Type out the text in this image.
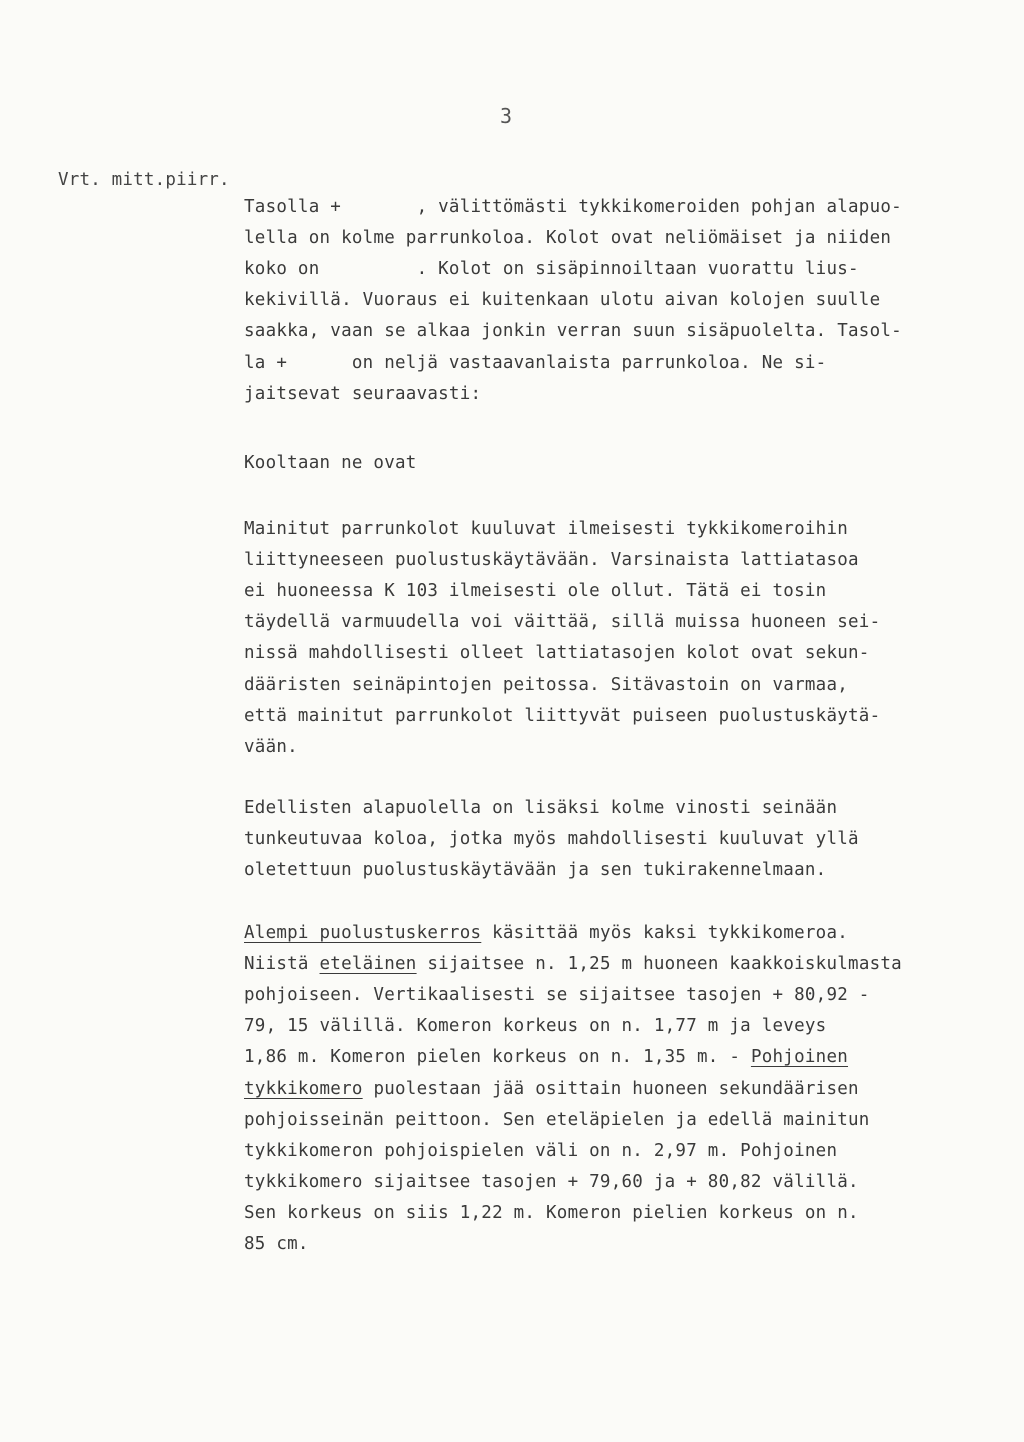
3
Vrt. mitt.piirr.
Tasolla +       , välittömästi tykkikomeroiden pohjan alapuo-
lella on kolme parrunkoloa. Kolot ovat neliömäiset ja niiden
koko on         . Kolot on sisäpinnoiltaan vuorattu lius-
kekivillä. Vuoraus ei kuitenkaan ulotu aivan kolojen suulle
saakka, vaan se alkaa jonkin verran suun sisäpuolelta. Tasol-
la +      on neljä vastaavanlaista parrunkoloa. Ne si-
jaitsevat seuraavasti:
Kooltaan ne ovat
Mainitut parrunkolot kuuluvat ilmeisesti tykkikomeroihin
liittyneeseen puolustuskäytävään. Varsinaista lattiatasoa
ei huoneessa K 103 ilmeisesti ole ollut. Tätä ei tosin
täydellä varmuudella voi väittää, sillä muissa huoneen sei-
nissä mahdollisesti olleet lattiatasojen kolot ovat sekun-
dääristen seinäpintojen peitossa. Sitävastoin on varmaa,
että mainitut parrunkolot liittyvät puiseen puolustuskäytä-
vään.
Edellisten alapuolella on lisäksi kolme vinosti seinään
tunkeutuvaa koloa, jotka myös mahdollisesti kuuluvat yllä
oletettuun puolustuskäytävään ja sen tukirakennelmaan.
Alempi puolustuskerros käsittää myös kaksi tykkikomeroa.
Niistä eteläinen sijaitsee n. 1,25 m huoneen kaakkoiskulmasta
pohjoiseen. Vertikaalisesti se sijaitsee tasojen + 80,92 -
79, 15 välillä. Komeron korkeus on n. 1,77 m ja leveys
1,86 m. Komeron pielen korkeus on n. 1,35 m. - Pohjoinen
tykkikomero puolestaan jää osittain huoneen sekundäärisen
pohjoisseinän peittoon. Sen eteläpielen ja edellä mainitun
tykkikomeron pohjoispielen väli on n. 2,97 m. Pohjoinen
tykkikomero sijaitsee tasojen + 79,60 ja + 80,82 välillä.
Sen korkeus on siis 1,22 m. Komeron pielien korkeus on n.
85 cm.
